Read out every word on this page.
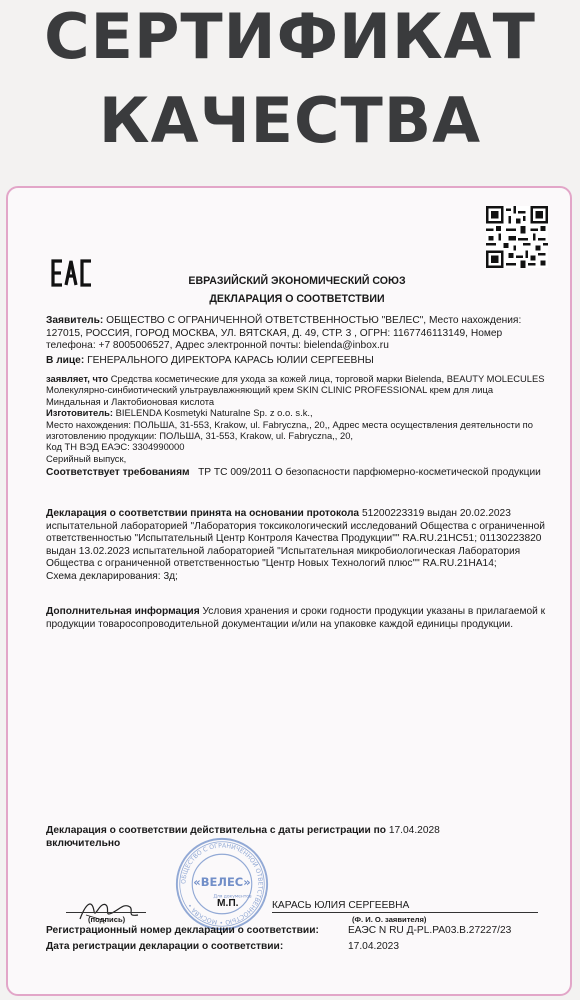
СЕРТИФИКАТ
КАЧЕСТВА
ЕВРАЗИЙСКИЙ ЭКОНОМИЧЕСКИЙ СОЮЗ
ДЕКЛАРАЦИЯ О СООТВЕТСТВИИ

Заявитель: ОБЩЕСТВО С ОГРАНИЧЕННОЙ ОТВЕТСТВЕННОСТЬЮ "ВЕЛЕС", Место нахождения: 127015, РОССИЯ, ГОРОД МОСКВА, УЛ. ВЯТСКАЯ, Д. 49, СТР. 3 , ОГРН: 1167746113149, Номер телефона: +7 8005006527, Адрес электронной почты: bielenda@inbox.ru

В лице: ГЕНЕРАЛЬНОГО ДИРЕКТОРА КАРАСЬ ЮЛИИ СЕРГЕЕВНЫ

заявляет, что Средства косметические для ухода за кожей лица, торговой марки Bielenda, BEAUTY MOLECULES Молекулярно-синбиотический ультраувлажняющий крем SKIN CLINIC PROFESSIONAL крем для лица Миндальная и Лактобионовая кислота

Изготовитель: BIELENDA Kosmetyki Naturalne Sp. z o.o. s.k.,

Место нахождения: ПОЛЬША, 31-553, Krakow, ul. Fabryczna,, 20,, Адрес места осуществления деятельности по изготовлению продукции: ПОЛЬША, 31-553, Krakow, ul. Fabryczna,, 20,

Код ТН ВЭД ЕАЭС: 3304990000

Серийный выпуск,

Соответствует требованиям ТР ТС 009/2011 О безопасности парфюмерно-косметической продукции

Декларация о соответствии принята на основании протокола 51200223319 выдан 20.02.2023 испытательной лабораторией "Лаборатория токсикологический исследований Общества с ограниченной ответственностью "Испытательный Центр Контроля Качества Продукции"" RA.RU.21HC51; 01130223820 выдан 13.02.2023 испытательной лабораторией "Испытательная микробиологическая Лаборатория Общества с ограниченной ответственностью "Центр Новых Технологий плюс"" RA.RU.21HA14;

Схема декларирования: 3д;

Дополнительная информация Условия хранения и сроки годности продукции указаны в прилагаемой к продукции товаросопроводительной документации и/или на упаковке каждой единицы продукции.

Декларация о соответствии действительна с даты регистрации по 17.04.2028

включительно

ОБЩЕСТВО С ОГРАНИЧЕННОЙ ОТВЕТСТВЕННОСТЬЮ • МОСКВА •
«ВЕЛЕС»
Для документов
(подпись)
М.П.	КАРАСЬ ЮЛИЯ СЕРГЕЕВНА
(Ф. И. О. заявителя)
Регистрационный номер декларации о соответствии:	ЕАЭС N RU Д-PL.PA03.B.27227/23
Дата регистрации декларации о соответствии:	17.04.2023
